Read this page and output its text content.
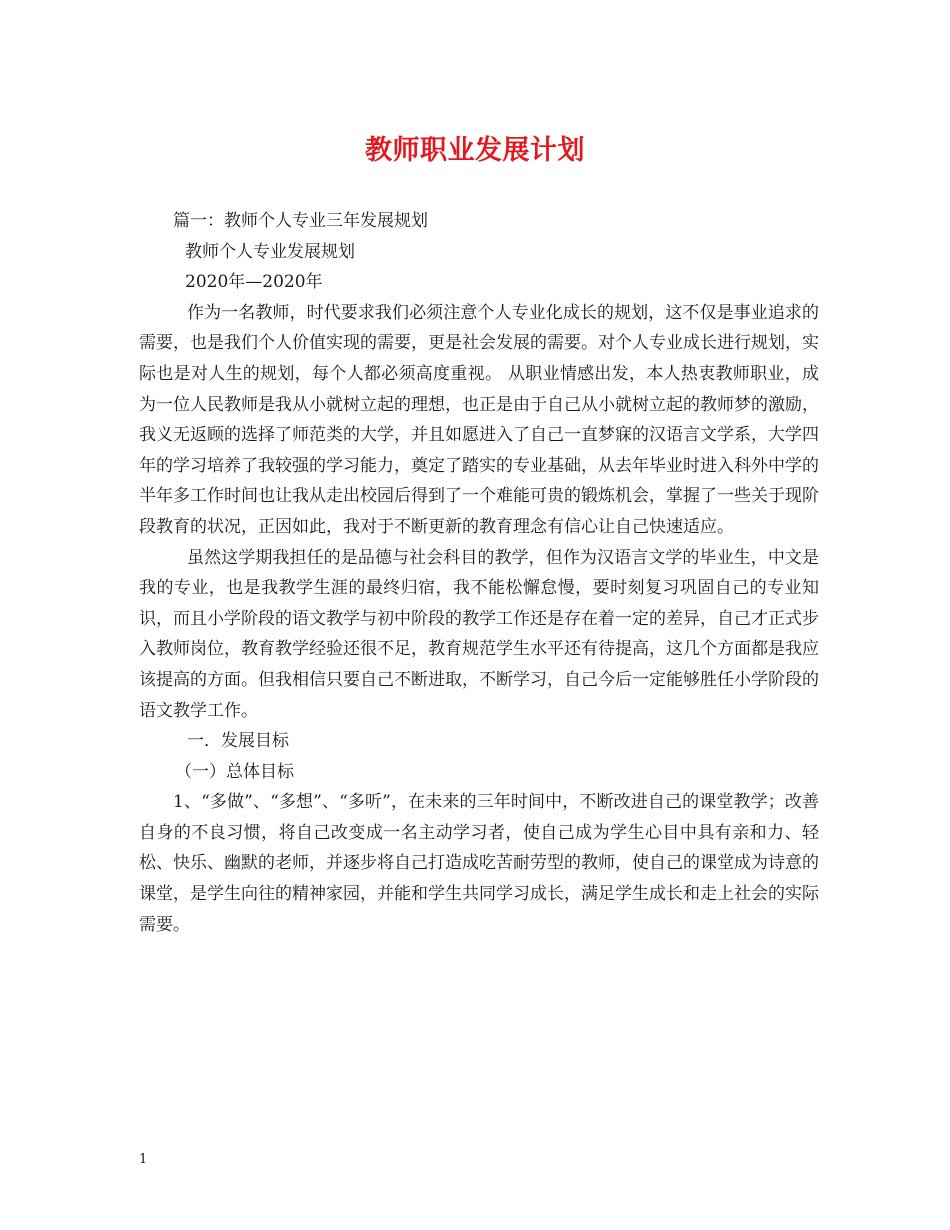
教师职业发展计划

篇一：教师个人专业三年发展规划

教师个人专业发展规划

2020年—2020年

作为一名教师，时代要求我们必须注意个人专业化成长的规划，这不仅是事业追求的需要，也是我们个人价值实现的需要，更是社会发展的需要。对个人专业成长进行规划，实际也是对人生的规划，每个人都必须高度重视。 从职业情感出发，本人热衷教师职业，成为一位人民教师是我从小就树立起的理想，也正是由于自己从小就树立起的教师梦的激励，我义无返顾的选择了师范类的大学，并且如愿进入了自己一直梦寐的汉语言文学系，大学四年的学习培养了我较强的学习能力，奠定了踏实的专业基础，从去年毕业时进入科外中学的半年多工作时间也让我从走出校园后得到了一个难能可贵的锻炼机会，掌握了一些关于现阶段教育的状况，正因如此，我对于不断更新的教育理念有信心让自己快速适应。

虽然这学期我担任的是品德与社会科目的教学，但作为汉语言文学的毕业生，中文是我的专业，也是我教学生涯的最终归宿，我不能松懈怠慢，要时刻复习巩固自己的专业知识，而且小学阶段的语文教学与初中阶段的教学工作还是存在着一定的差异，自己才正式步入教师岗位，教育教学经验还很不足，教育规范学生水平还有待提高，这几个方面都是我应该提高的方面。但我相信只要自己不断进取，不断学习，自己今后一定能够胜任小学阶段的语文教学工作。

一．发展目标

（一）总体目标

1、“多做”、“多想”、“多听”，在未来的三年时间中，不断改进自己的课堂教学；改善自身的不良习惯，将自己改变成一名主动学习者，使自己成为学生心目中具有亲和力、轻松、快乐、幽默的老师，并逐步将自己打造成吃苦耐劳型的教师，使自己的课堂成为诗意的课堂，是学生向往的精神家园，并能和学生共同学习成长，满足学生成长和走上社会的实际需要。

1
